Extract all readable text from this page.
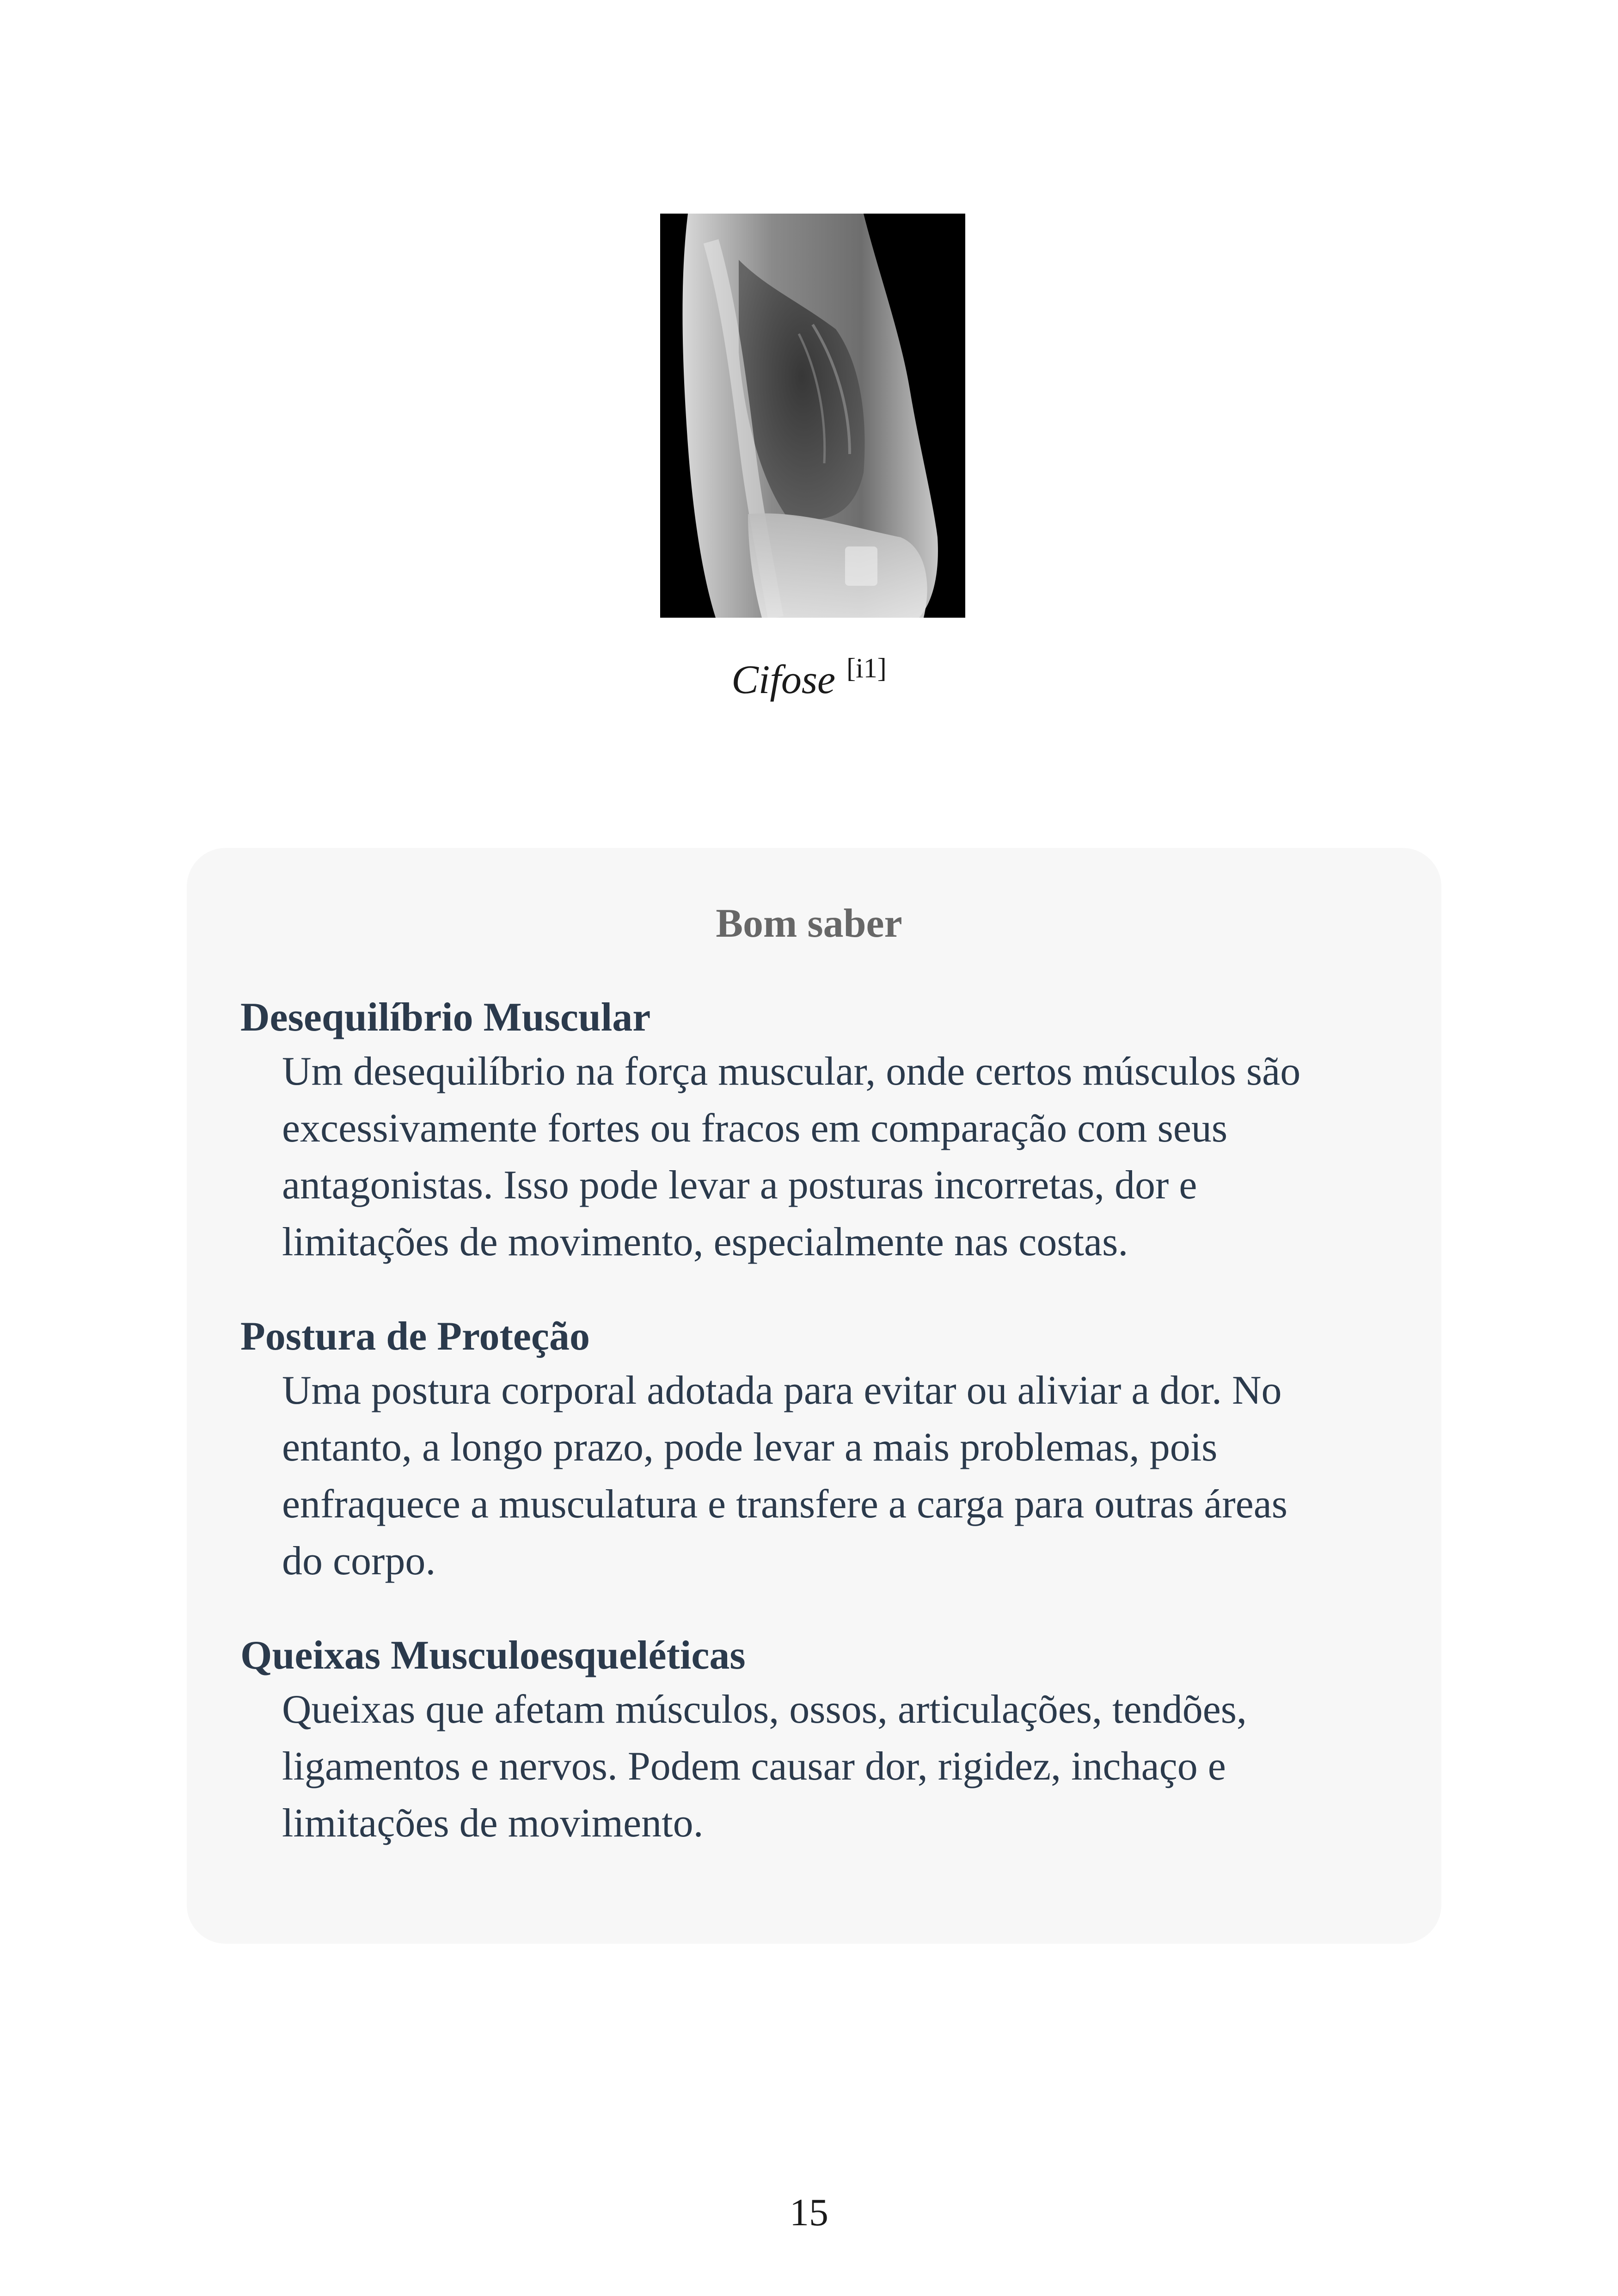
Cifose [i1]
Bom saber
Desequilíbrio Muscular
Um desequilíbrio na força muscular, onde certos músculos são
excessivamente fortes ou fracos em comparação com seus
antagonistas. Isso pode levar a posturas incorretas, dor e
limitações de movimento, especialmente nas costas.
Postura de Proteção
Uma postura corporal adotada para evitar ou aliviar a dor. No
entanto, a longo prazo, pode levar a mais problemas, pois
enfraquece a musculatura e transfere a carga para outras áreas
do corpo.
Queixas Musculoesqueléticas
Queixas que afetam músculos, ossos, articulações, tendões,
ligamentos e nervos. Podem causar dor, rigidez, inchaço e
limitações de movimento.
15
